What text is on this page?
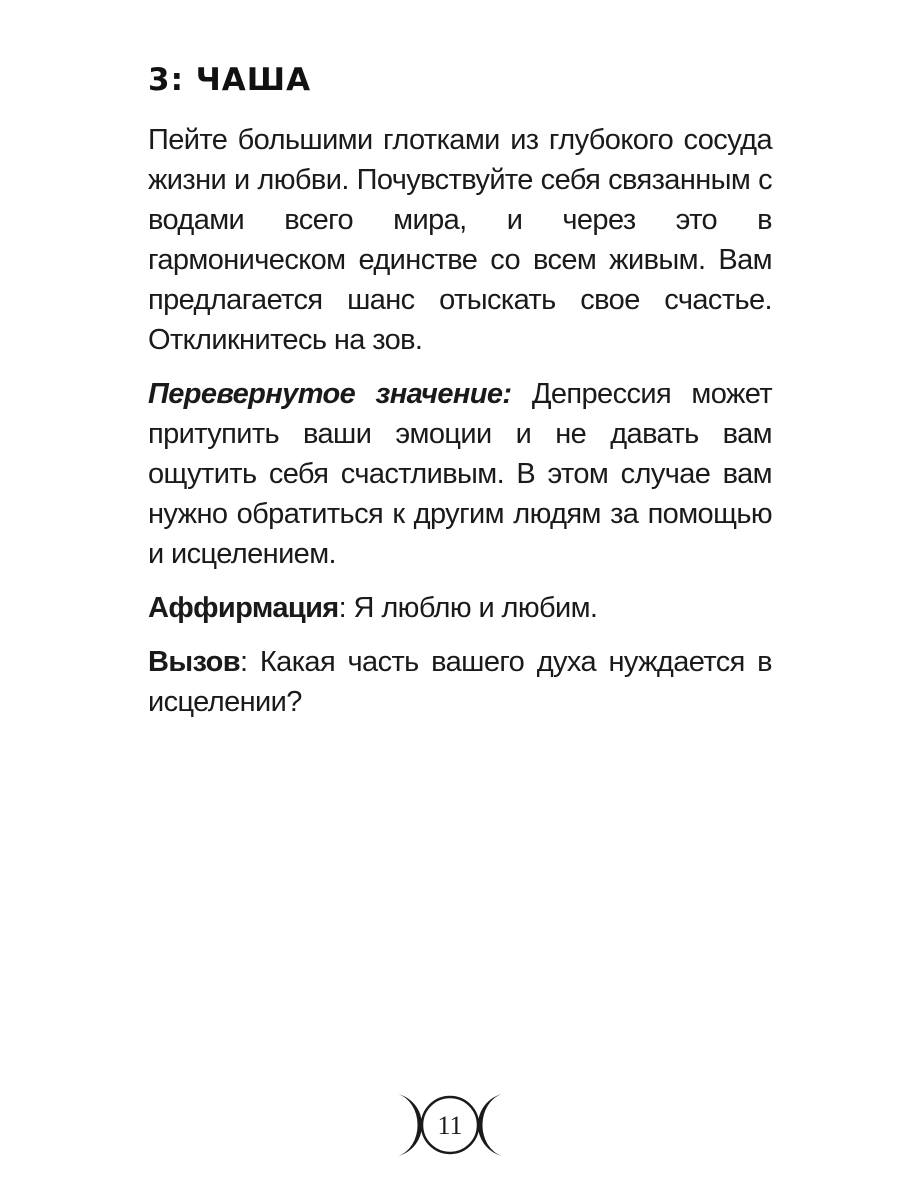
3: ЧАША

Пейте большими глотками из глубокого сосуда жизни и любви. Почувствуйте себя связанным с водами всего мира, и через это в гармоническом единстве со всем живым. Вам предлагается шанс отыскать свое счастье. Откликнитесь на зов.

Перевернутое значение: Депрессия может притупить ваши эмоции и не давать вам ощутить себя счастливым. В этом случае вам нужно обратиться к другим людям за помощью и исцелением.

Аффирмация: Я люблю и любим.

Вызов: Какая часть вашего духа нуждается в исцелении?

11
